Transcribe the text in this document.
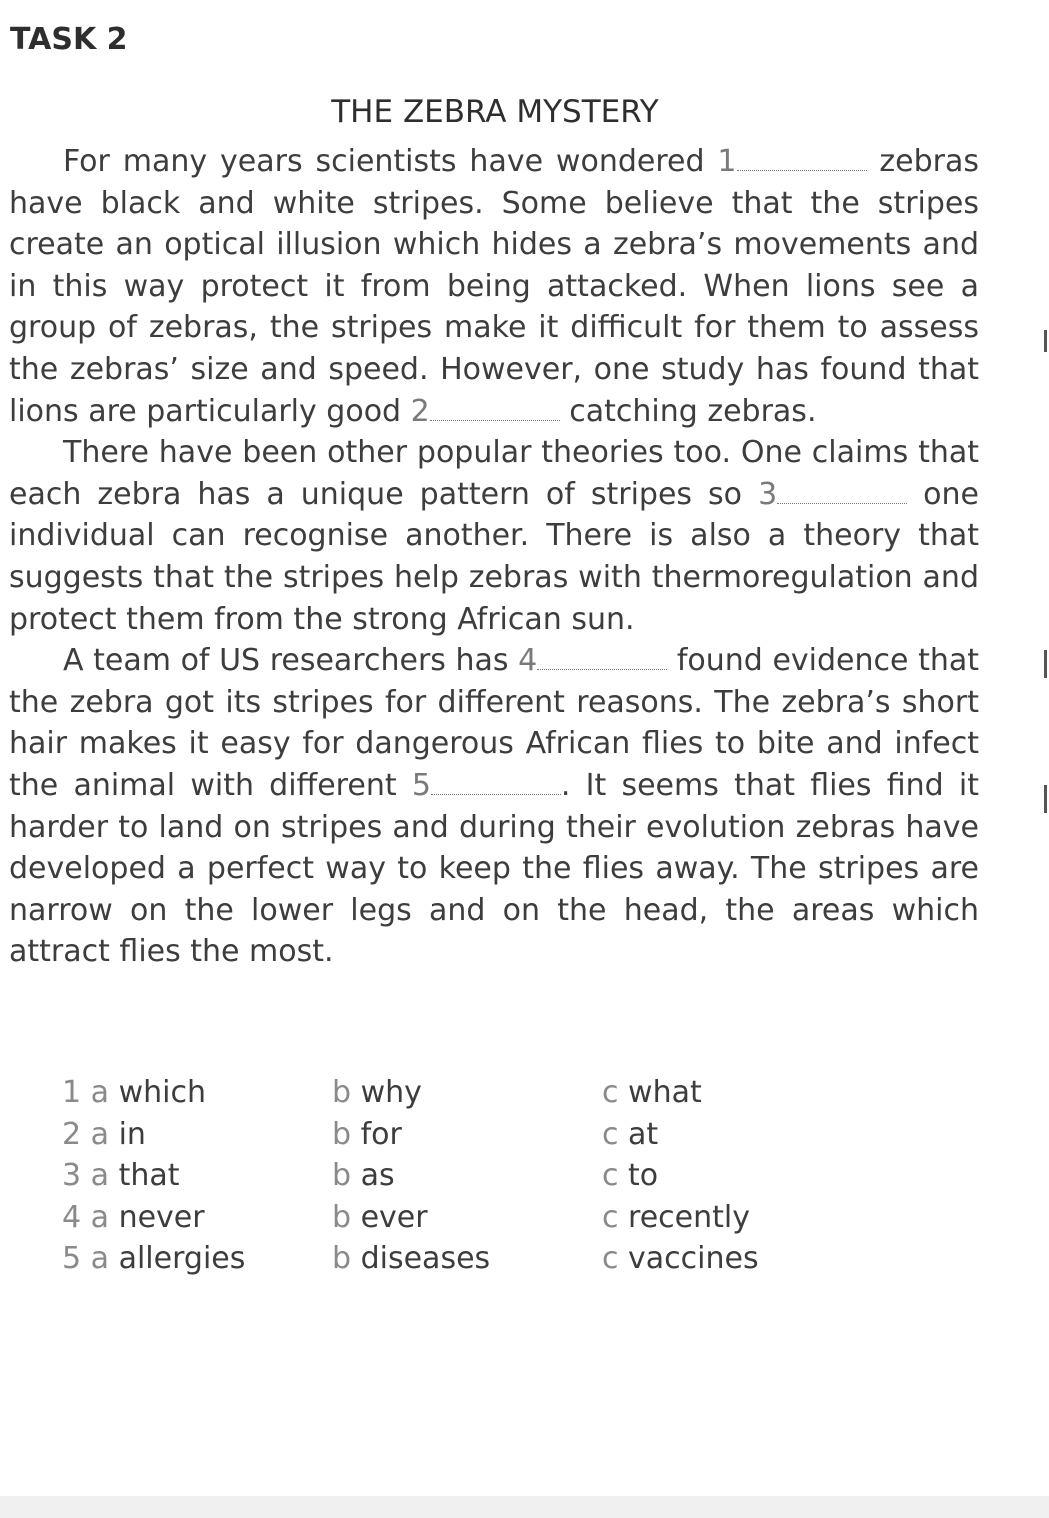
TASK 2
THE ZEBRA MYSTERY

For many years scientists have wondered 1	zebras have black and white stripes. Some believe that the stripes create an optical illusion which hides a zebra’s movements and in this way protect it from being attacked. When lions see a group of zebras, the stripes make it difficult for them to assess the zebras’ size and speed. However, one study has found that lions are particularly good 2	catching zebras.

There have been other popular theories too. One claims that each zebra has a unique pattern of stripes so 3	one individual can recognise another. There is also a theory that suggests that the stripes help zebras with thermoregulation and protect them from the strong African sun.

A team of US researchers has 4	found evidence that the zebra got its stripes for different reasons. The zebra’s short hair makes it easy for dangerous African flies to bite and infect the animal with different 5	. It seems that flies find it harder to land on stripes and during their evolution zebras have developed a perfect way to keep the flies away. The stripes are narrow on the lower legs and on the head, the areas which attract flies the most.

1 a which	b why	c what
2 a in	b for	c at
3 a that	b as	c to
4 a never	b ever	c recently
5 a allergies	b diseases	c vaccines
